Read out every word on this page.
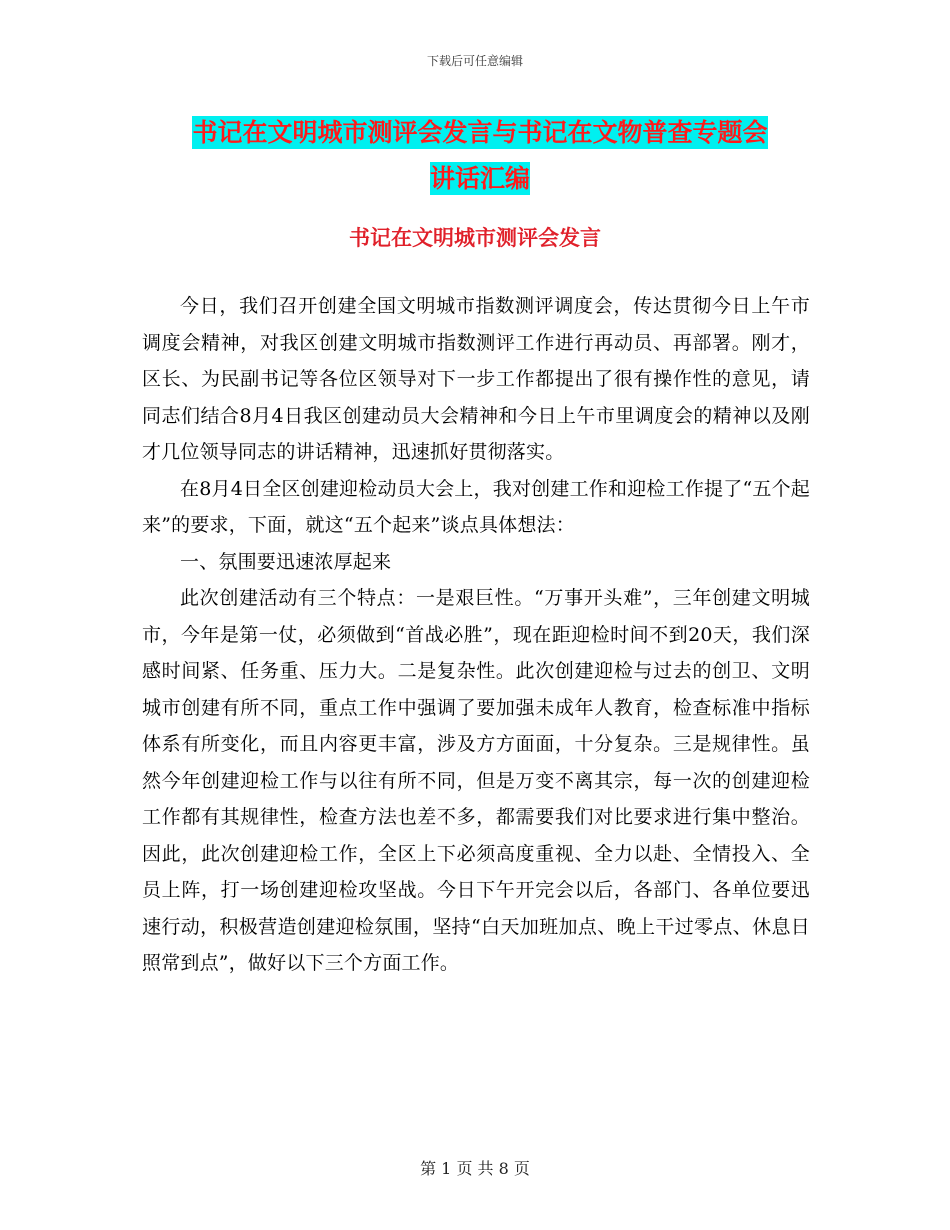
下载后可任意编辑
书记在文明城市测评会发言与书记在文物普查专题会
讲话汇编
书记在文明城市测评会发言

今日，我们召开创建全国文明城市指数测评调度会，传达贯彻今日上午市调度会精神，对我区创建文明城市指数测评工作进行再动员、再部署。刚才，区长、为民副书记等各位区领导对下一步工作都提出了很有操作性的意见，请同志们结合8月4日我区创建动员大会精神和今日上午市里调度会的精神以及刚才几位领导同志的讲话精神，迅速抓好贯彻落实。

在8月4日全区创建迎检动员大会上，我对创建工作和迎检工作提了“五个起来”的要求，下面，就这“五个起来”谈点具体想法：

一、氛围要迅速浓厚起来

此次创建活动有三个特点：一是艰巨性。“万事开头难”，三年创建文明城市，今年是第一仗，必须做到“首战必胜”，现在距迎检时间不到20天，我们深感时间紧、任务重、压力大。二是复杂性。此次创建迎检与过去的创卫、文明城市创建有所不同，重点工作中强调了要加强未成年人教育，检查标准中指标体系有所变化，而且内容更丰富，涉及方方面面，十分复杂。三是规律性。虽然今年创建迎检工作与以往有所不同，但是万变不离其宗，每一次的创建迎检工作都有其规律性，检查方法也差不多，都需要我们对比要求进行集中整治。因此，此次创建迎检工作，全区上下必须高度重视、全力以赴、全情投入、全员上阵，打一场创建迎检攻坚战。今日下午开完会以后，各部门、各单位要迅速行动，积极营造创建迎检氛围，坚持“白天加班加点、晚上干过零点、休息日照常到点”，做好以下三个方面工作。

第 1 页 共 8 页
